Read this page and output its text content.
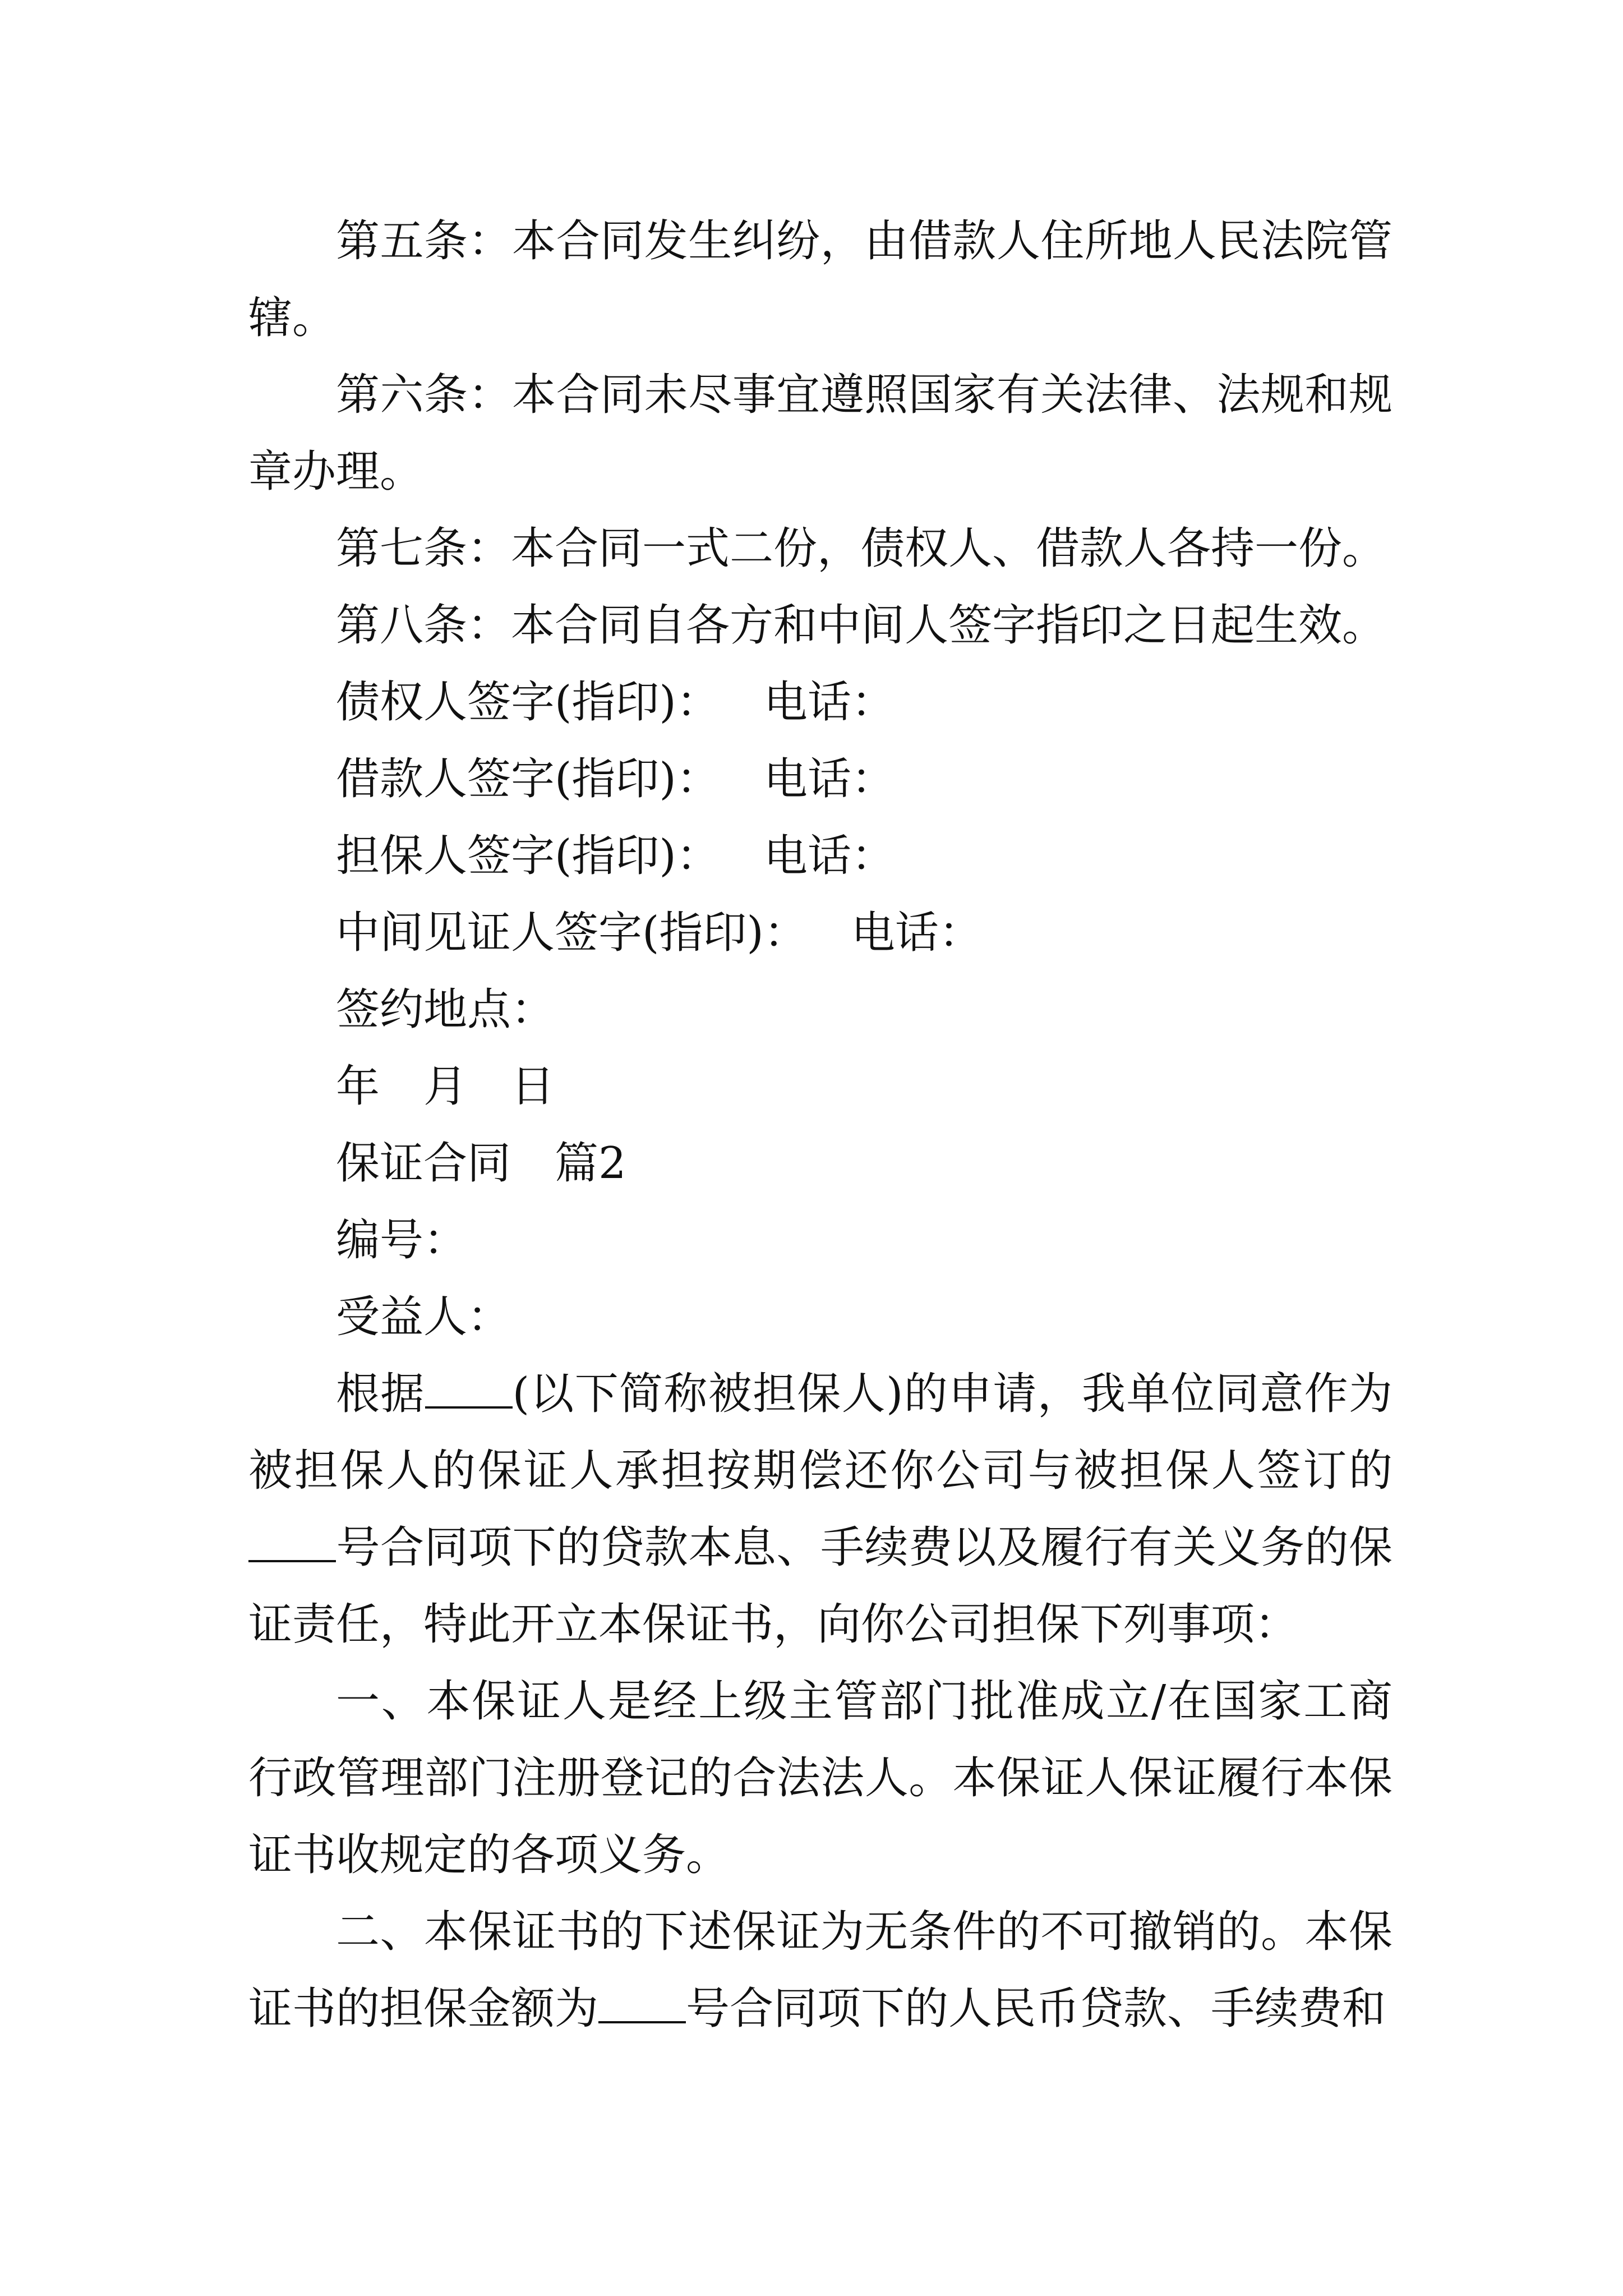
第五条：本合同发生纠纷，由借款人住所地人民法院管辖。

第六条：本合同未尽事宜遵照国家有关法律、法规和规章办理。

第七条：本合同一式二份，债权人、借款人各持一份。

第八条：本合同自各方和中间人签字指印之日起生效。

债权人签字(指印)： 电话：

借款人签字(指印)： 电话：

担保人签字(指印)： 电话：

中间见证人签字(指印)： 电话：

签约地点：

年 月 日

保证合同 篇2

编号：

受益人：

根据 (以下简称被担保人)的申请，我单位同意作为被担保人的保证人承担按期偿还你公司与被担保人签订的号合同项下的贷款本息、手续费以及履行有关义务的保证责任，特此开立本保证书，向你公司担保下列事项：

一、本保证人是经上级主管部门批准成立/在国家工商行政管理部门注册登记的合法法人。本保证人保证履行本保证书收规定的各项义务。

二、本保证书的下述保证为无条件的不可撤销的。本保证书的担保金额为 号合同项下的人民币贷款、手续费和
